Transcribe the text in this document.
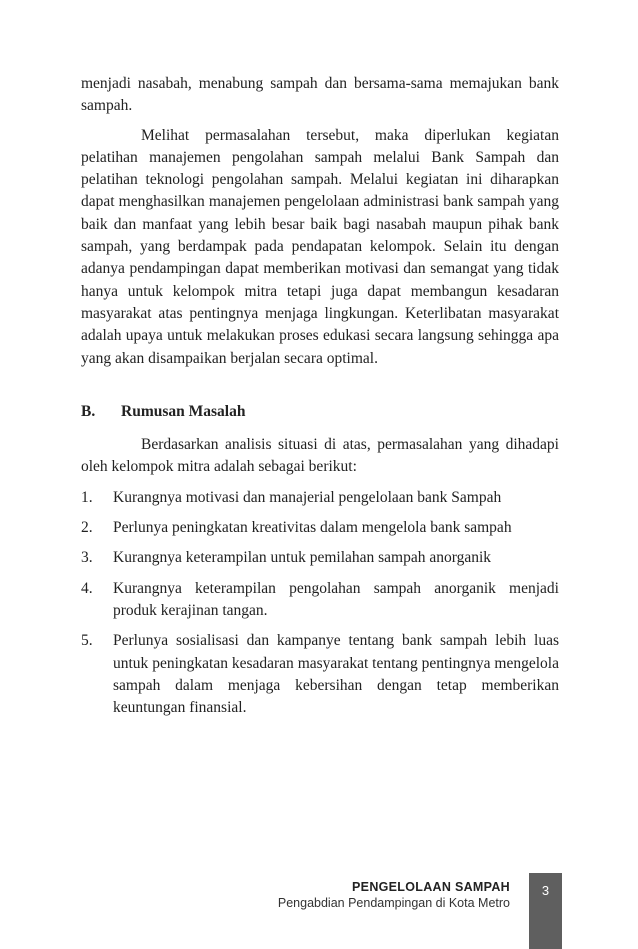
menjadi nasabah, menabung sampah dan bersama-sama memajukan bank sampah.

Melihat permasalahan tersebut, maka diperlukan kegiatan pelatihan manajemen pengolahan sampah melalui Bank Sampah dan pelatihan teknologi pengolahan sampah. Melalui kegiatan ini diharapkan dapat menghasilkan manajemen pengelolaan administrasi bank sampah yang baik dan manfaat yang lebih besar baik bagi nasabah maupun pihak bank sampah, yang berdampak pada pendapatan kelompok. Selain itu dengan adanya pendampingan dapat memberikan motivasi dan semangat yang tidak hanya untuk kelompok mitra tetapi juga dapat membangun kesadaran masyarakat atas pentingnya menjaga lingkungan. Keterlibatan masyarakat adalah upaya untuk melakukan proses edukasi secara langsung sehingga apa yang akan disampaikan berjalan secara optimal.

B.	Rumusan Masalah

Berdasarkan analisis situasi di atas, permasalahan yang dihadapi oleh kelompok mitra adalah sebagai berikut:

1.	Kurangnya motivasi dan manajerial pengelolaan bank Sampah
2.	Perlunya peningkatan kreativitas dalam mengelola bank sampah
3.	Kurangnya keterampilan untuk pemilahan sampah anorganik
4.	Kurangnya keterampilan pengolahan sampah anorganik menjadi produk kerajinan tangan.
5.	Perlunya sosialisasi dan kampanye tentang bank sampah lebih luas untuk peningkatan kesadaran masyarakat tentang pentingnya mengelola sampah dalam menjaga kebersihan dengan tetap memberikan keuntungan finansial.
PENGELOLAAN SAMPAH
Pengabdian Pendampingan di Kota Metro
3
